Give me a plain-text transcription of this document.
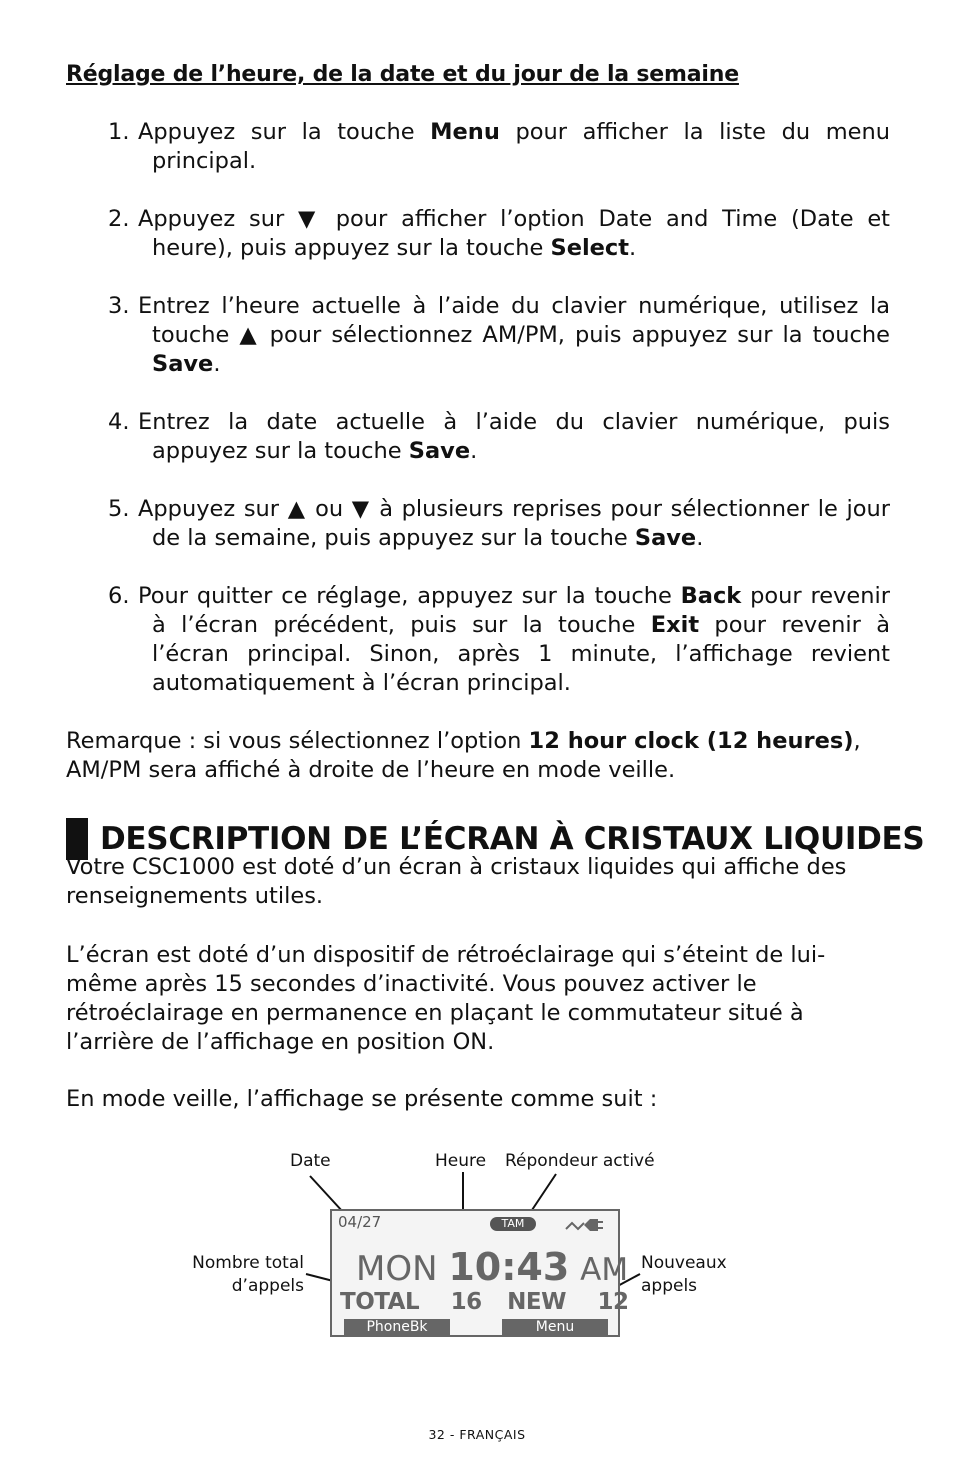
Réglage de l’heure, de la date et du jour de la semaine
1. Appuyez sur la touche Menu pour afficher la liste du menu principal.
2. Appuyez sur ▼ pour afficher l’option Date and Time (Date et heure), puis appuyez sur la touche Select.
3. Entrez l’heure actuelle à l’aide du clavier numérique, utilisez la touche ▲ pour sélectionnez AM/PM, puis appuyez sur la touche Save.
4. Entrez la date actuelle à l’aide du clavier numérique, puis appuyez sur la touche Save.
5. Appuyez sur ▲ ou ▼ à plusieurs reprises pour sélectionner le jour de la semaine, puis appuyez sur la touche Save.
6. Pour quitter ce réglage, appuyez sur la touche Back pour revenir à l’écran précédent, puis sur la touche Exit pour revenir à l’écran principal. Sinon, après 1 minute, l’affichage revient automatiquement à l’écran principal.

Remarque : si vous sélectionnez l’option 12 hour clock (12 heures), AM/PM sera affiché à droite de l’heure en mode veille.

DESCRIPTION DE L’ÉCRAN À CRISTAUX LIQUIDES

Votre CSC1000 est doté d’un écran à cristaux liquides qui affiche des renseignements utiles.

L’écran est doté d’un dispositif de rétroéclairage qui s’éteint de lui-même après 15 secondes d’inactivité. Vous pouvez activer le rétroéclairage en permanence en plaçant le commutateur situé à l’arrière de l’affichage en position ON.

En mode veille, l’affichage se présente comme suit :

Date	Heure Répondeur activé
Nombre total
d’appels
Nouveaux
appels
04/27	TAM
MON 10:43 AM
TOTAL 16 NEW 12
PhoneBk	Menu
32 - FRANÇAIS
